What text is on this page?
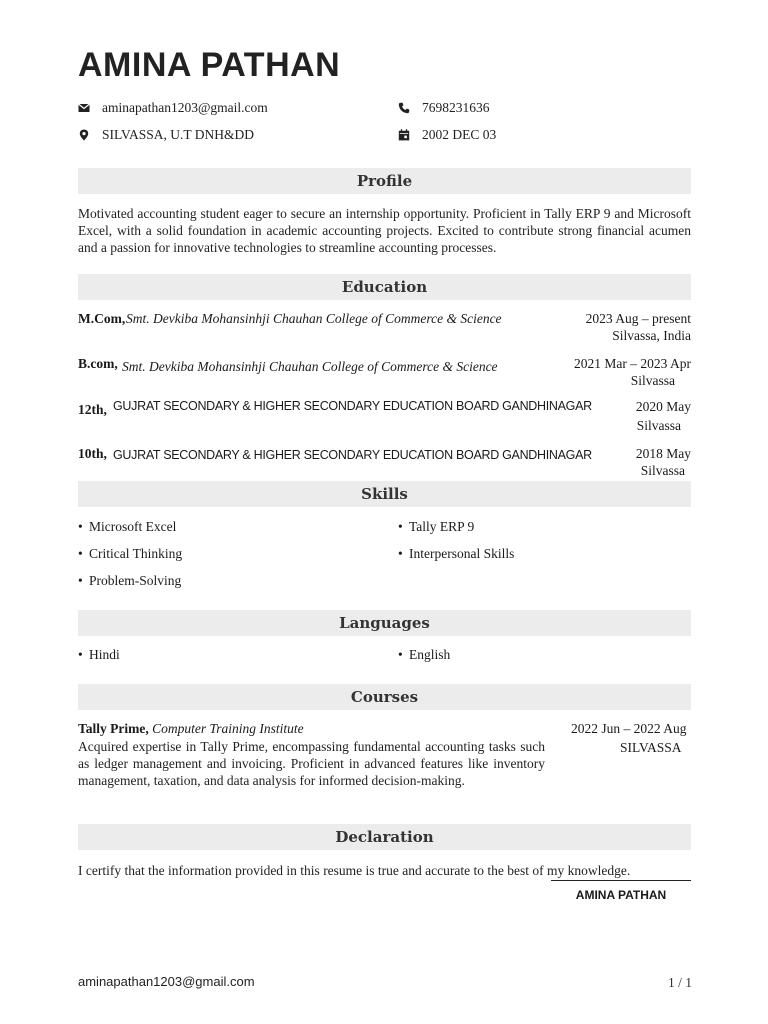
AMINA PATHAN
aminapathan1203@gmail.com	7698231636
SILVASSA, U.T DNH&DD	2002 DEC 03
Profile
Motivated accounting student eager to secure an internship opportunity. Proficient in Tally ERP 9 and Microsoft Excel, with a solid foundation in academic accounting projects. Excited to contribute strong financial acumen and a passion for innovative technologies to streamline accounting processes.
Education
M.Com, Smt. Devkiba Mohansinhji Chauhan College of Commerce & Science	2023 Aug – present
Silvassa, India
B.com, Smt. Devkiba Mohansinhji Chauhan College of Commerce & Science	2021 Mar – 2023 Apr
Silvassa
12th, GUJRAT SECONDARY & HIGHER SECONDARY EDUCATION BOARD GANDHINAGAR	2020 May
Silvassa
10th, GUJRAT SECONDARY & HIGHER SECONDARY EDUCATION BOARD GANDHINAGAR	2018 May
Silvassa
Skills
• Microsoft Excel	• Tally ERP 9
• Critical Thinking	• Interpersonal Skills
• Problem-Solving
Languages
• Hindi	• English
Courses
Tally Prime, Computer Training Institute
Acquired expertise in Tally Prime, encompassing fundamental accounting tasks such as ledger management and invoicing. Proficient in advanced features like inventory management, taxation, and data analysis for informed decision-making.
2022 Jun – 2022 Aug
SILVASSA
Declaration
I certify that the information provided in this resume is true and accurate to the best of my knowledge.
AMINA PATHAN
aminapathan1203@gmail.com	1 / 1
